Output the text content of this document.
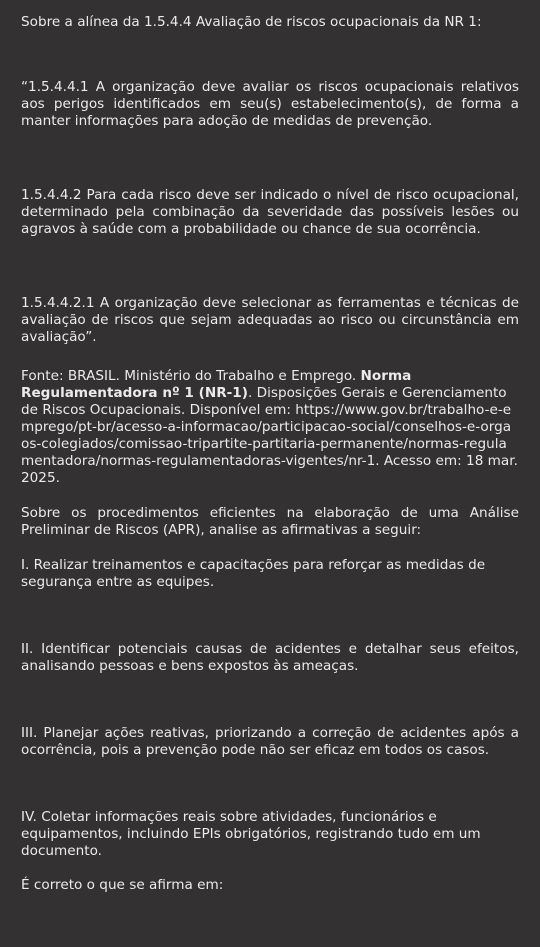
Sobre a alínea da 1.5.4.4 Avaliação de riscos ocupacionais da NR 1:

“1.5.4.4.1 A organização deve avaliar os riscos ocupacionais relativos aos perigos identificados em seu(s) estabelecimento(s), de forma a manter informações para adoção de medidas de prevenção.

1.5.4.4.2 Para cada risco deve ser indicado o nível de risco ocupacional, determinado pela combinação da severidade das possíveis lesões ou agravos à saúde com a probabilidade ou chance de sua ocorrência.

1.5.4.4.2.1 A organização deve selecionar as ferramentas e técnicas de avaliação de riscos que sejam adequadas ao risco ou circunstância em avaliação”.

Fonte: BRASIL. Ministério do Trabalho e Emprego. Norma Regulamentadora nº 1 (NR-1). Disposições Gerais e Gerenciamento de Riscos Ocupacionais. Disponível em: https://www.gov.br/trabalho-e-emprego/pt-br/acesso-a-informacao/participacao-social/conselhos-e-orgaos-colegiados/comissao-tripartite-partitaria-permanente/normas-regulamentadora/normas-regulamentadoras-vigentes/nr-1. Acesso em: 18 mar. 2025.

Sobre os procedimentos eficientes na elaboração de uma Análise Preliminar de Riscos (APR), analise as afirmativas a seguir:

I. Realizar treinamentos e capacitações para reforçar as medidas de segurança entre as equipes.

II. Identificar potenciais causas de acidentes e detalhar seus efeitos, analisando pessoas e bens expostos às ameaças.

III. Planejar ações reativas, priorizando a correção de acidentes após a ocorrência, pois a prevenção pode não ser eficaz em todos os casos.

IV. Coletar informações reais sobre atividades, funcionários e equipamentos, incluindo EPIs obrigatórios, registrando tudo em um documento.

É correto o que se afirma em:
